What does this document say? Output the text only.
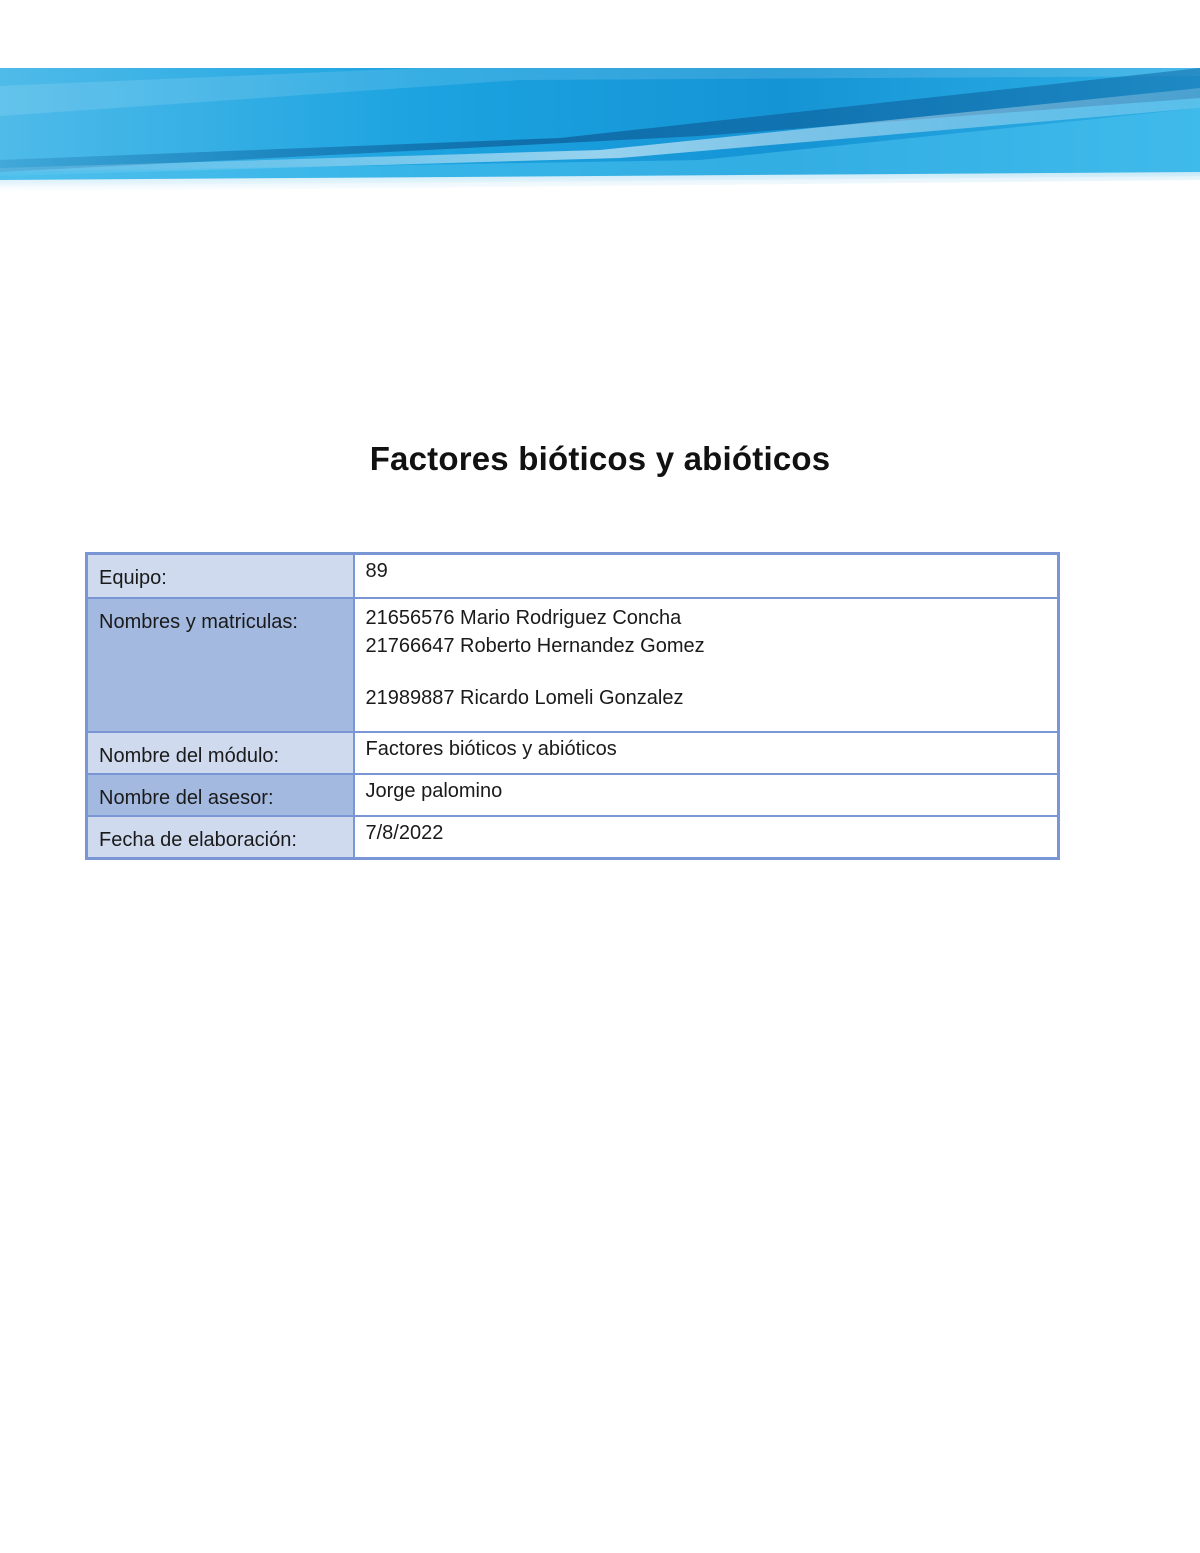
Factores bióticos y abióticos
Equipo:	89
Nombres y matriculas:	21656576 Mario Rodriguez Concha
21766647 Roberto Hernandez Gomez
21989887 Ricardo Lomeli Gonzalez

Nombre del módulo:	Factores bióticos y abióticos
Nombre del asesor:	Jorge palomino
Fecha de elaboración:	7/8/2022
